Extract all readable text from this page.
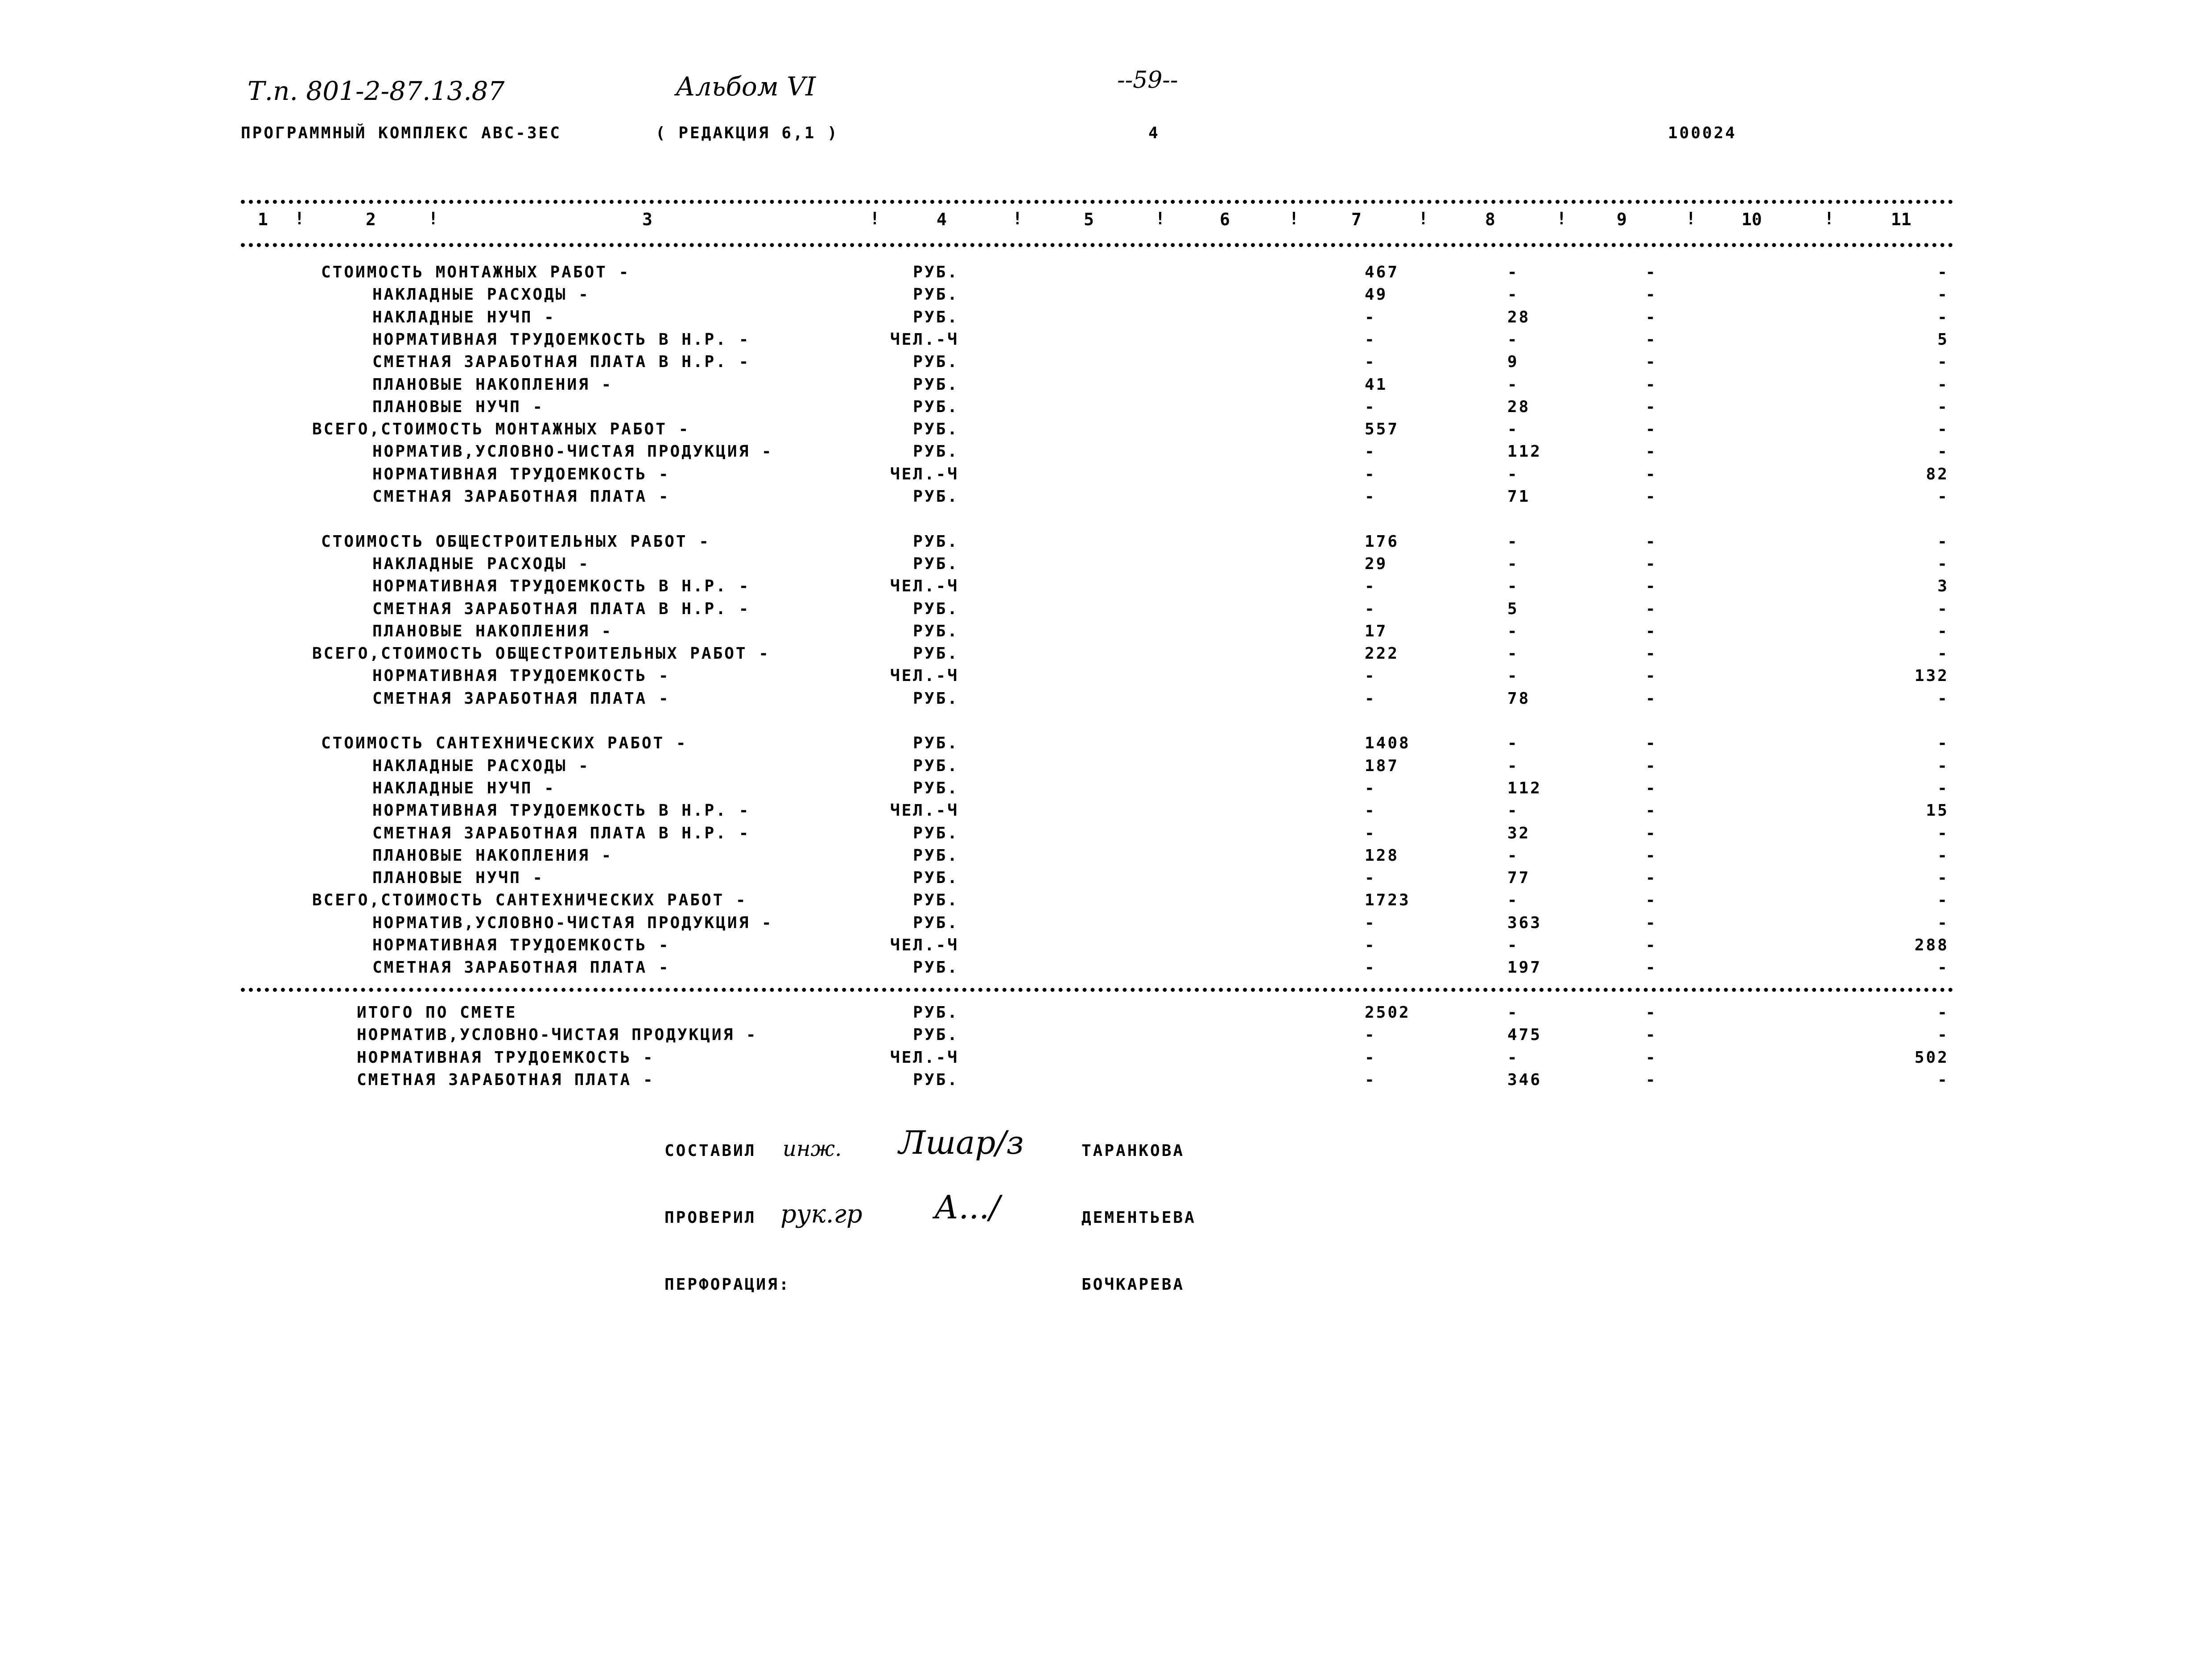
Т.п. 801-2-87.13.87	Альбом VI	--59--
ПРОГРАММНЫЙ КОМПЛЕКС АВС-3ЕС	( РЕДАКЦИЯ 6,1 )	4	100024
1	2	3	4	5	6	7	8	9	10	11
!	!	!	!	!	!	!	!	!	!
СТОИМОСТЬ МОНТАЖНЫХ РАБОТ -	РУБ.	467	-	-	-
НАКЛАДНЫЕ РАСХОДЫ -	РУБ.	49	-	-	-
НАКЛАДНЫЕ НУЧП -	РУБ.	-	28	-	-
НОРМАТИВНАЯ ТРУДОЕМКОСТЬ В Н.Р. -	ЧЕЛ.-Ч	-	-	-	5
СМЕТНАЯ ЗАРАБОТНАЯ ПЛАТА В Н.Р. -	РУБ.	-	9	-	-
ПЛАНОВЫЕ НАКОПЛЕНИЯ -	РУБ.	41	-	-	-
ПЛАНОВЫЕ НУЧП -	РУБ.	-	28	-	-
ВСЕГО,СТОИМОСТЬ МОНТАЖНЫХ РАБОТ -	РУБ.	557	-	-	-
НОРМАТИВ,УСЛОВНО-ЧИСТАЯ ПРОДУКЦИЯ -	РУБ.	-	112	-	-
НОРМАТИВНАЯ ТРУДОЕМКОСТЬ -	ЧЕЛ.-Ч	-	-	-	82
СМЕТНАЯ ЗАРАБОТНАЯ ПЛАТА -	РУБ.	-	71	-	-
СТОИМОСТЬ ОБЩЕСТРОИТЕЛЬНЫХ РАБОТ -	РУБ.	176	-	-	-
НАКЛАДНЫЕ РАСХОДЫ -	РУБ.	29	-	-	-
НОРМАТИВНАЯ ТРУДОЕМКОСТЬ В Н.Р. -	ЧЕЛ.-Ч	-	-	-	3
СМЕТНАЯ ЗАРАБОТНАЯ ПЛАТА В Н.Р. -	РУБ.	-	5	-	-
ПЛАНОВЫЕ НАКОПЛЕНИЯ -	РУБ.	17	-	-	-
ВСЕГО,СТОИМОСТЬ ОБЩЕСТРОИТЕЛЬНЫХ РАБОТ -	РУБ.	222	-	-	-
НОРМАТИВНАЯ ТРУДОЕМКОСТЬ -	ЧЕЛ.-Ч	-	-	-	132
СМЕТНАЯ ЗАРАБОТНАЯ ПЛАТА -	РУБ.	-	78	-	-
СТОИМОСТЬ САНТЕХНИЧЕСКИХ РАБОТ -	РУБ.	1408	-	-	-
НАКЛАДНЫЕ РАСХОДЫ -	РУБ.	187	-	-	-
НАКЛАДНЫЕ НУЧП -	РУБ.	-	112	-	-
НОРМАТИВНАЯ ТРУДОЕМКОСТЬ В Н.Р. -	ЧЕЛ.-Ч	-	-	-	15
СМЕТНАЯ ЗАРАБОТНАЯ ПЛАТА В Н.Р. -	РУБ.	-	32	-	-
ПЛАНОВЫЕ НАКОПЛЕНИЯ -	РУБ.	128	-	-	-
ПЛАНОВЫЕ НУЧП -	РУБ.	-	77	-	-
ВСЕГО,СТОИМОСТЬ САНТЕХНИЧЕСКИХ РАБОТ -	РУБ.	1723	-	-	-
НОРМАТИВ,УСЛОВНО-ЧИСТАЯ ПРОДУКЦИЯ -	РУБ.	-	363	-	-
НОРМАТИВНАЯ ТРУДОЕМКОСТЬ -	ЧЕЛ.-Ч	-	-	-	288
СМЕТНАЯ ЗАРАБОТНАЯ ПЛАТА -	РУБ.	-	197	-	-
ИТОГО ПО СМЕТЕ	РУБ.	2502	-	-	-
НОРМАТИВ,УСЛОВНО-ЧИСТАЯ ПРОДУКЦИЯ -	РУБ.	-	475	-	-
НОРМАТИВНАЯ ТРУДОЕМКОСТЬ -	ЧЕЛ.-Ч	-	-	-	502
СМЕТНАЯ ЗАРАБОТНАЯ ПЛАТА -	РУБ.	-	346	-	-
СОСТАВИЛ инж. Лшар/з	ТАРАНКОВА
ПРОВЕРИЛ рук.гр А.../	ДЕМЕНТЬЕВА
ПЕРФОРАЦИЯ:	БОЧКАРЕВА
